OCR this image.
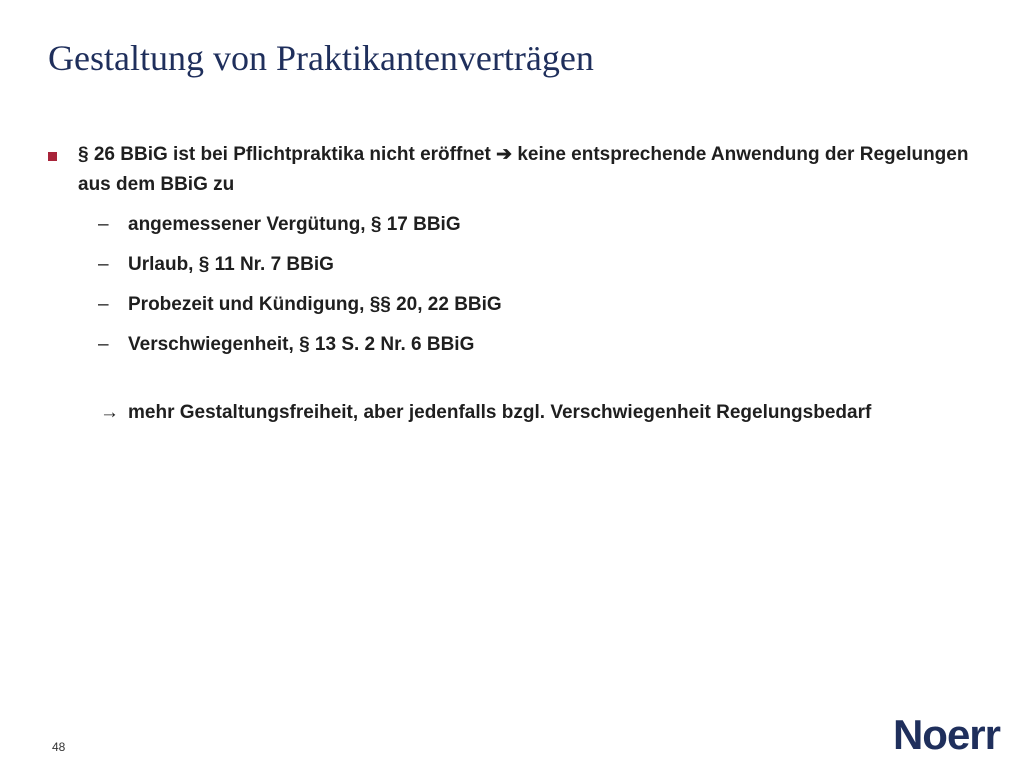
Gestaltung von Praktikantenverträgen
§ 26 BBiG ist bei Pflichtpraktika nicht eröffnet ➔ keine entsprechende Anwendung der Regelungen aus dem BBiG zu
– angemessener Vergütung, § 17 BBiG
– Urlaub, § 11 Nr. 7 BBiG
– Probezeit und Kündigung, §§ 20, 22 BBiG
– Verschwiegenheit, § 13 S. 2 Nr. 6 BBiG
→ mehr Gestaltungsfreiheit, aber jedenfalls bzgl. Verschwiegenheit Regelungsbedarf
48	Noerr
